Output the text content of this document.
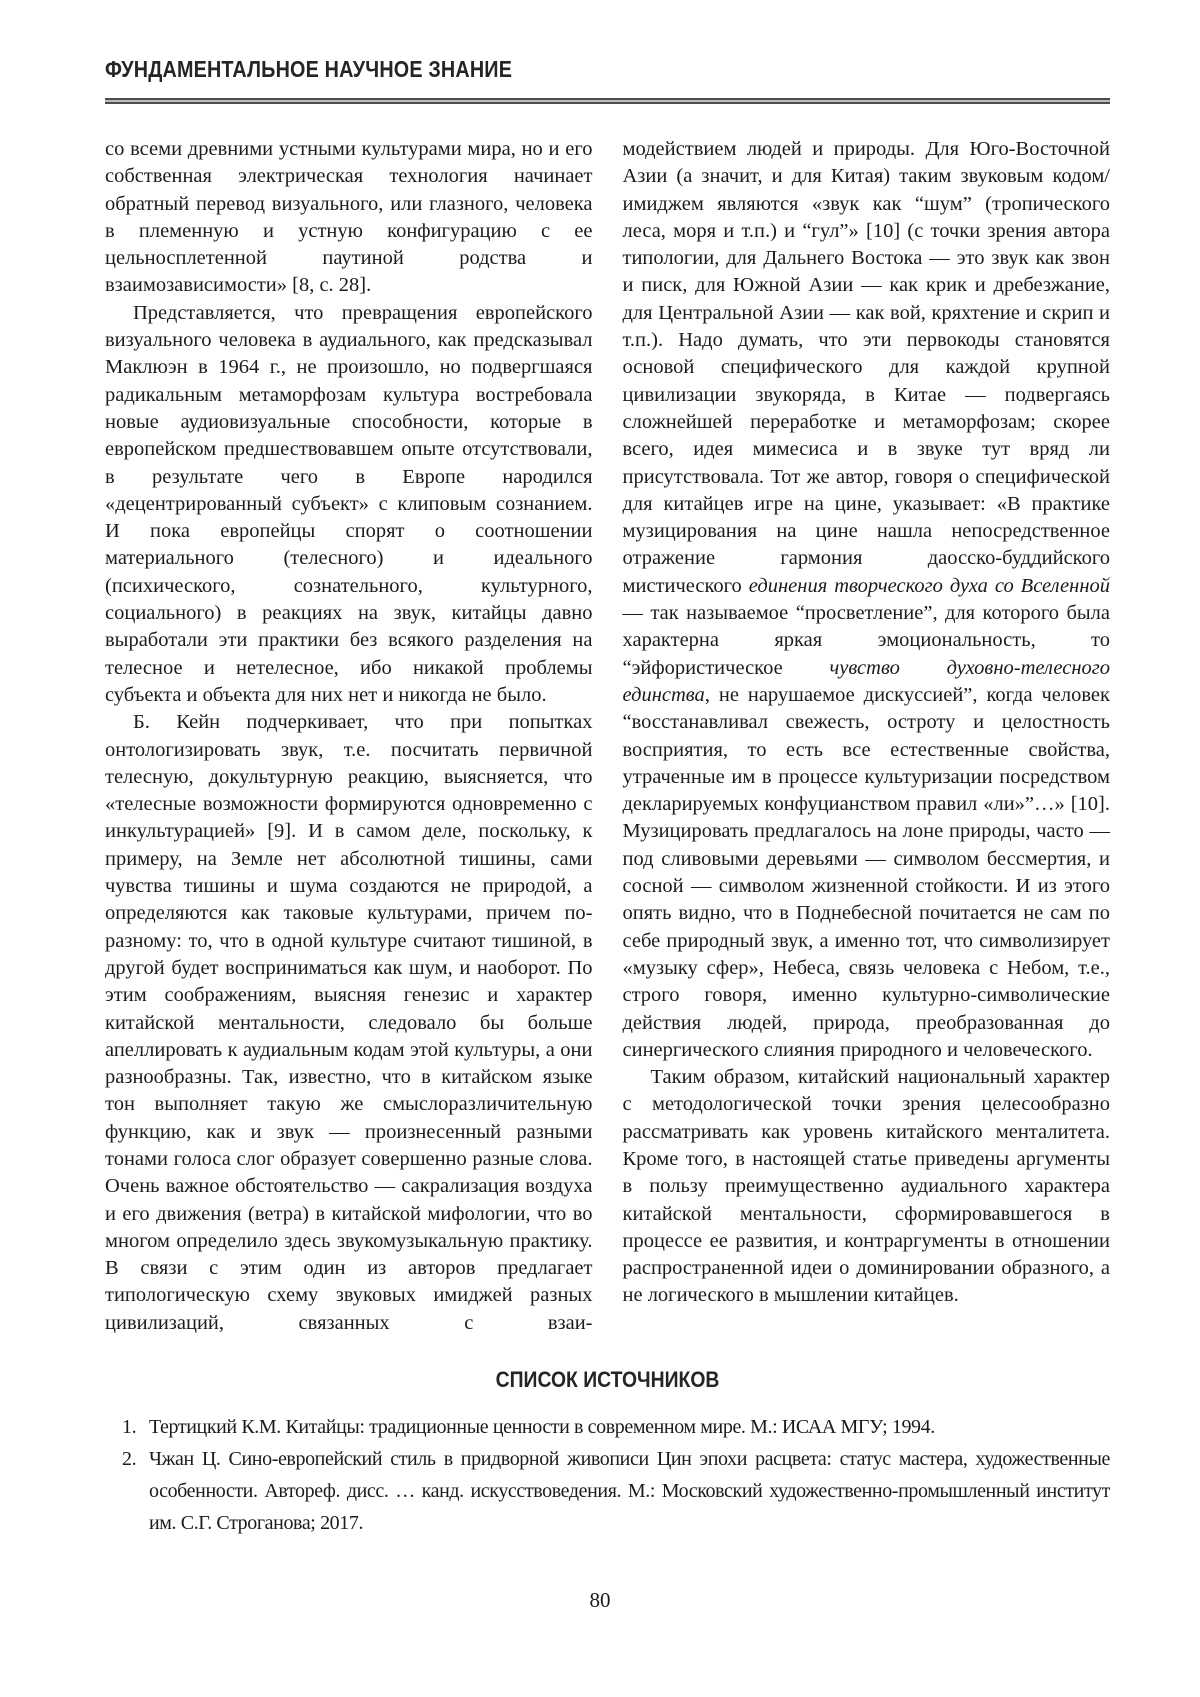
ФУНДАМЕНТАЛЬНОЕ НАУЧНОЕ ЗНАНИЕ

со всеми древними устными культурами мира, но и его собственная электрическая технология начинает обратный перевод визуального, или глазного, человека в племенную и устную конфигурацию с ее цельносплетенной паутиной родства и взаимозависимости» [8, с. 28].

Представляется, что превращения европейского визуального человека в аудиального, как предсказывал Маклюэн в 1964 г., не произошло, но подвергшаяся радикальным метаморфозам культура востребовала новые аудиовизуальные способности, которые в европейском предшествовавшем опыте отсутствовали, в результате чего в Европе народился «децентрированный субъект» с клиповым сознанием. И пока европейцы спорят о соотношении материального (телесного) и идеального (психического, сознательного, культурного, социального) в реакциях на звук, китайцы давно выработали эти практики без всякого разделения на телесное и нетелесное, ибо никакой проблемы субъекта и объекта для них нет и никогда не было.

Б. Кейн подчеркивает, что при попытках онтологизировать звук, т.е. посчитать первичной телесную, докультурную реакцию, выясняется, что «телесные возможности формируются одновременно с инкультурацией» [9]. И в самом деле, поскольку, к примеру, на Земле нет абсолютной тишины, сами чувства тишины и шума создаются не природой, а определяются как таковые культурами, причем по-разному: то, что в одной культуре считают тишиной, в другой будет восприниматься как шум, и наоборот. По этим соображениям, выясняя генезис и характер китайской ментальности, следовало бы больше апеллировать к аудиальным кодам этой культуры, а они разнообразны. Так, известно, что в китайском языке тон выполняет такую же смыслоразличительную функцию, как и звук — произнесенный разными тонами голоса слог образует совершенно разные слова. Очень важное обстоятельство — сакрализация воздуха и его движения (ветра) в китайской мифологии, что во многом определило здесь звукомузыкальную практику. В связи с этим один из авторов предлагает типологическую схему звуковых имиджей разных цивилизаций, связанных с взаи-

модействием людей и природы. Для Юго-Восточной Азии (а значит, и для Китая) таким звуковым кодом/имиджем являются «звук как “шум” (тропического леса, моря и т.п.) и “гул”» [10] (с точки зрения автора типологии, для Дальнего Востока — это звук как звон и писк, для Южной Азии — как крик и дребезжание, для Центральной Азии — как вой, кряхтение и скрип и т.п.). Надо думать, что эти первокоды становятся основой специфического для каждой крупной цивилизации звукоряда, в Китае — подвергаясь сложнейшей переработке и метаморфозам; скорее всего, идея мимесиса и в звуке тут вряд ли присутствовала. Тот же автор, говоря о специфической для китайцев игре на цине, указывает: «В практике музицирования на цине нашла непосредственное отражение гармония даосско-буддийского мистического единения творческого духа со Вселенной — так называемое “просветление”, для которого была характерна яркая эмоциональность, то “эйфористическое чувство духовно-телесного единства, не нарушаемое дискуссией”, когда человек “восстанавливал свежесть, остроту и целостность восприятия, то есть все естественные свойства, утраченные им в процессе культуризации посредством декларируемых конфуцианством правил «ли»”…» [10]. Музицировать предлагалось на лоне природы, часто — под сливовыми деревьями — символом бессмертия, и сосной — символом жизненной стойкости. И из этого опять видно, что в Поднебесной почитается не сам по себе природный звук, а именно тот, что символизирует «музыку сфер», Небеса, связь человека с Небом, т.е., строго говоря, именно культурно-символические действия людей, природа, преобразованная до синергического слияния природного и человеческого.

Таким образом, китайский национальный характер с методологической точки зрения целесообразно рассматривать как уровень китайского менталитета. Кроме того, в настоящей статье приведены аргументы в пользу преимущественно аудиального характера китайской ментальности, сформировавшегося в процессе ее развития, и контраргументы в отношении распространенной идеи о доминировании образного, а не логического в мышлении китайцев.

СПИСОК ИСТОЧНИКОВ
1. Тертицкий К.М. Китайцы: традиционные ценности в современном мире. М.: ИСАА МГУ; 1994.
2. Чжан Ц. Сино-европейский стиль в придворной живописи Цин эпохи расцвета: статус мастера, художественные особенности. Автореф. дисс. … канд. искусствоведения. М.: Московский художественно-промышленный институт им. С.Г. Строганова; 2017.
80
